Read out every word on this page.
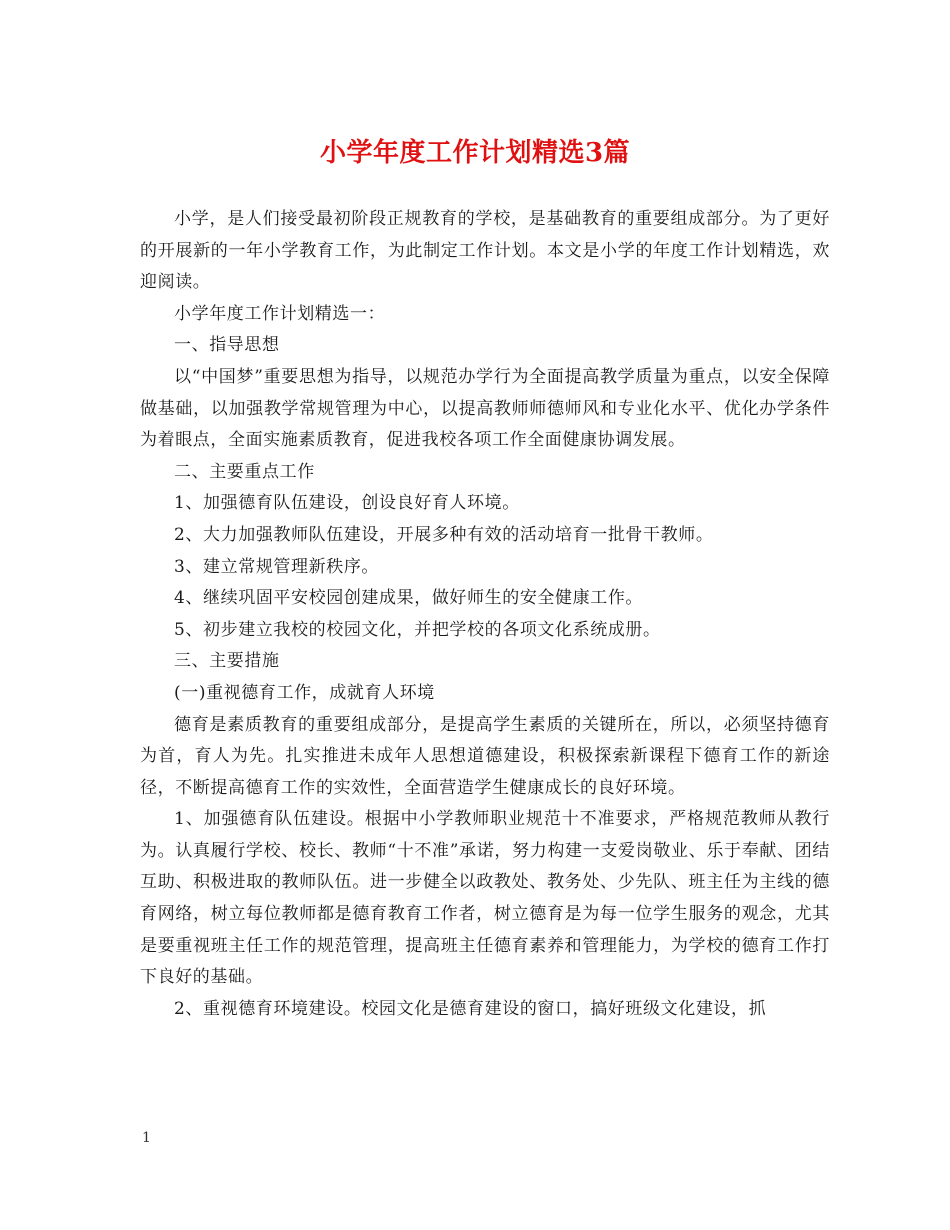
小学年度工作计划精选3篇

小学，是人们接受最初阶段正规教育的学校，是基础教育的重要组成部分。为了更好的开展新的一年小学教育工作，为此制定工作计划。本文是小学的年度工作计划精选，欢迎阅读。

小学年度工作计划精选一：

一、指导思想

以“中国梦”重要思想为指导，以规范办学行为全面提高教学质量为重点，以安全保障做基础，以加强教学常规管理为中心，以提高教师师德师风和专业化水平、优化办学条件为着眼点，全面实施素质教育，促进我校各项工作全面健康协调发展。

二、主要重点工作

1、加强德育队伍建设，创设良好育人环境。

2、大力加强教师队伍建设，开展多种有效的活动培育一批骨干教师。

3、建立常规管理新秩序。

4、继续巩固平安校园创建成果，做好师生的安全健康工作。

5、初步建立我校的校园文化，并把学校的各项文化系统成册。

三、主要措施

(一)重视德育工作，成就育人环境

德育是素质教育的重要组成部分，是提高学生素质的关键所在，所以，必须坚持德育为首，育人为先。扎实推进未成年人思想道德建设，积极探索新课程下德育工作的新途径，不断提高德育工作的实效性，全面营造学生健康成长的良好环境。

1、加强德育队伍建设。根据中小学教师职业规范十不准要求，严格规范教师从教行为。认真履行学校、校长、教师“十不准”承诺，努力构建一支爱岗敬业、乐于奉献、团结互助、积极进取的教师队伍。进一步健全以政教处、教务处、少先队、班主任为主线的德育网络，树立每位教师都是德育教育工作者，树立德育是为每一位学生服务的观念，尤其是要重视班主任工作的规范管理，提高班主任德育素养和管理能力，为学校的德育工作打下良好的基础。

2、重视德育环境建设。校园文化是德育建设的窗口，搞好班级文化建设，抓

1
